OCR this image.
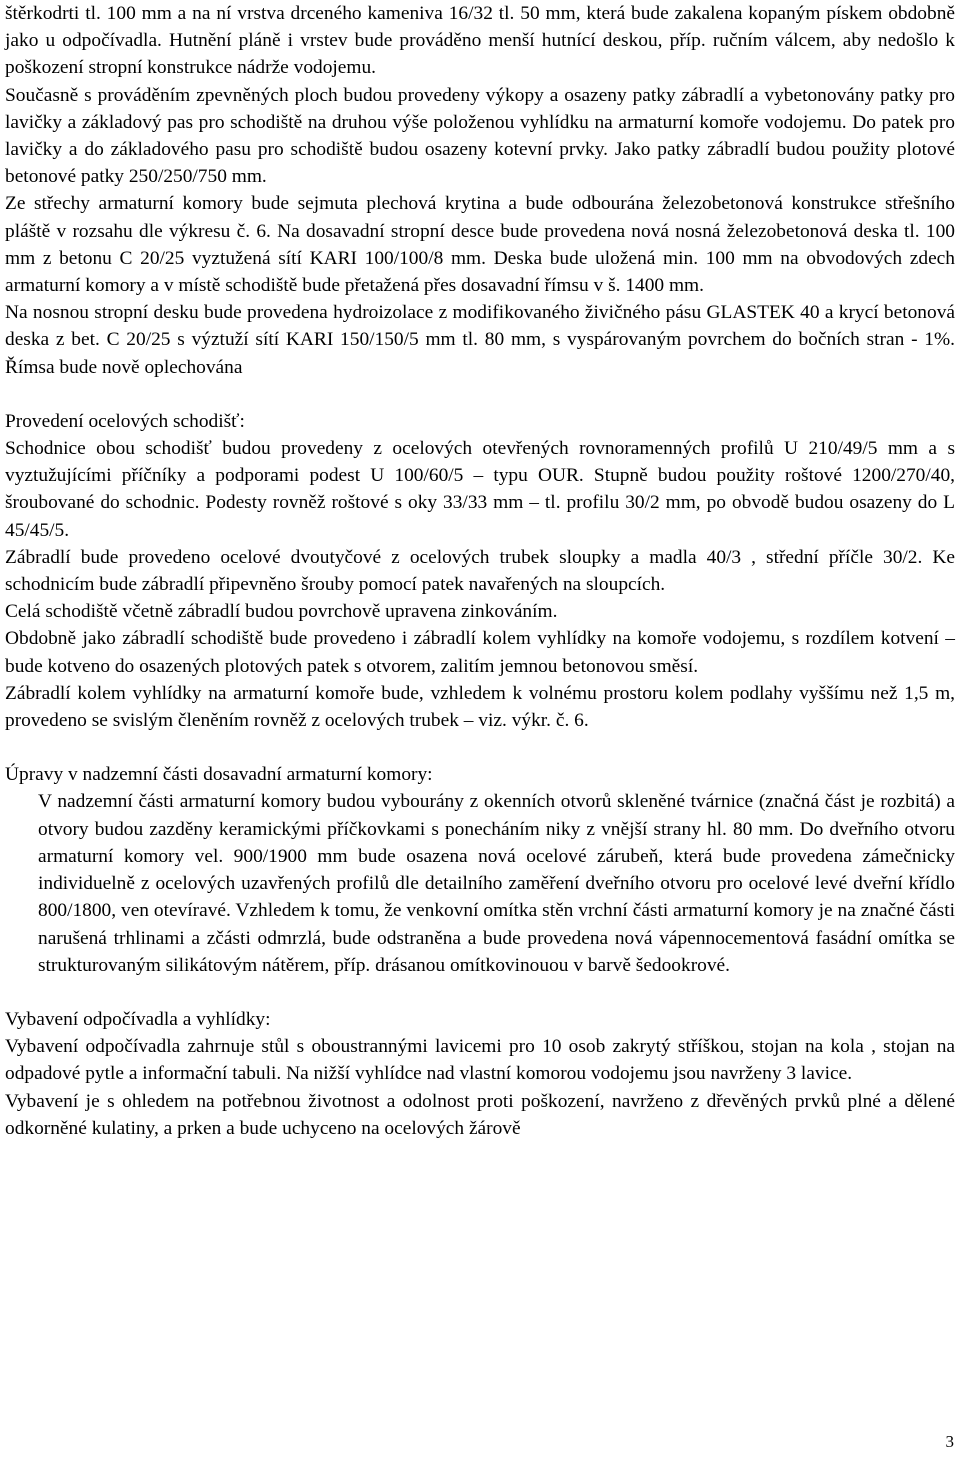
štěrkodrti tl. 100 mm a na ní vrstva drceného kameniva 16/32 tl. 50 mm, která bude zakalena kopaným pískem obdobně jako u odpočívadla. Hutnění pláně i vrstev bude prováděno menší hutnící deskou, příp. ručním válcem, aby nedošlo k poškození stropní konstrukce nádrže vodojemu.

Současně s prováděním zpevněných ploch budou provedeny výkopy a osazeny patky zábradlí a vybetonovány patky pro lavičky a základový pas pro schodiště na druhou výše položenou vyhlídku na armaturní komoře vodojemu. Do patek pro lavičky a do základového pasu pro schodiště budou osazeny kotevní prvky. Jako patky zábradlí budou použity plotové betonové patky 250/250/750 mm.

Ze střechy armaturní komory bude sejmuta plechová krytina a bude odbourána železobetonová konstrukce střešního pláště v rozsahu dle výkresu č. 6. Na dosavadní stropní desce bude provedena nová nosná železobetonová deska tl. 100 mm z betonu C 20/25 vyztužená sítí KARI 100/100/8 mm. Deska bude uložená min. 100 mm na obvodových zdech armaturní komory a v místě schodiště bude přetažená přes dosavadní římsu v š. 1400 mm.

Na nosnou stropní desku bude provedena hydroizolace z modifikovaného živičného pásu GLASTEK 40 a krycí betonová deska z bet. C 20/25 s výztuží sítí KARI 150/150/5 mm tl. 80 mm, s vyspárovaným povrchem do bočních stran - 1%. Římsa bude nově oplechována

Provedení ocelových schodišť:

Schodnice obou schodišť budou provedeny z ocelových otevřených rovnoramenných profilů U 210/49/5 mm a s vyztužujícími příčníky a podporami podest U 100/60/5 – typu OUR. Stupně budou použity roštové 1200/270/40, šroubované do schodnic. Podesty rovněž roštové s oky 33/33 mm – tl. profilu 30/2 mm, po obvodě budou osazeny do L 45/45/5.

Zábradlí bude provedeno ocelové dvoutyčové z ocelových trubek sloupky a madla 40/3 , střední příčle 30/2. Ke schodnicím bude zábradlí připevněno šrouby pomocí patek navařených na sloupcích.

Celá schodiště včetně zábradlí budou povrchově upravena zinkováním.

Obdobně jako zábradlí schodiště bude provedeno i zábradlí kolem vyhlídky na komoře vodojemu, s rozdílem kotvení – bude kotveno do osazených plotových patek s otvorem, zalitím jemnou betonovou směsí.

Zábradlí kolem vyhlídky na armaturní komoře bude, vzhledem k volnému prostoru kolem podlahy vyššímu než 1,5 m, provedeno se svislým členěním rovněž z ocelových trubek – viz. výkr. č. 6.

Úpravy v nadzemní části dosavadní armaturní komory:

V nadzemní části armaturní komory budou vybourány z okenních otvorů skleněné tvárnice (značná část je rozbitá) a otvory budou zazděny keramickými příčkovkami s ponecháním niky z vnější strany hl. 80 mm. Do dveřního otvoru armaturní komory vel. 900/1900 mm bude osazena nová ocelové zárubeň, která bude provedena zámečnicky individuelně z ocelových uzavřených profilů dle detailního zaměření dveřního otvoru pro ocelové levé dveřní křídlo 800/1800, ven otevíravé. Vzhledem k tomu, že venkovní omítka stěn vrchní části armaturní komory je na značné části narušená trhlinami a zčásti odmrzlá, bude odstraněna a bude provedena nová vápennocementová fasádní omítka se strukturovaným silikátovým nátěrem, příp. drásanou omítkovinouou v barvě šedookrové.

Vybavení odpočívadla a vyhlídky:

Vybavení odpočívadla zahrnuje stůl s oboustrannými lavicemi pro 10 osob zakrytý stříškou, stojan na kola , stojan na odpadové pytle a informační tabuli. Na nižší vyhlídce nad vlastní komorou vodojemu jsou navrženy 3 lavice.

Vybavení je s ohledem na potřebnou životnost a odolnost proti poškození, navrženo z dřevěných prvků plné a dělené odkorněné kulatiny, a prken a bude uchyceno na ocelových žárově

3
